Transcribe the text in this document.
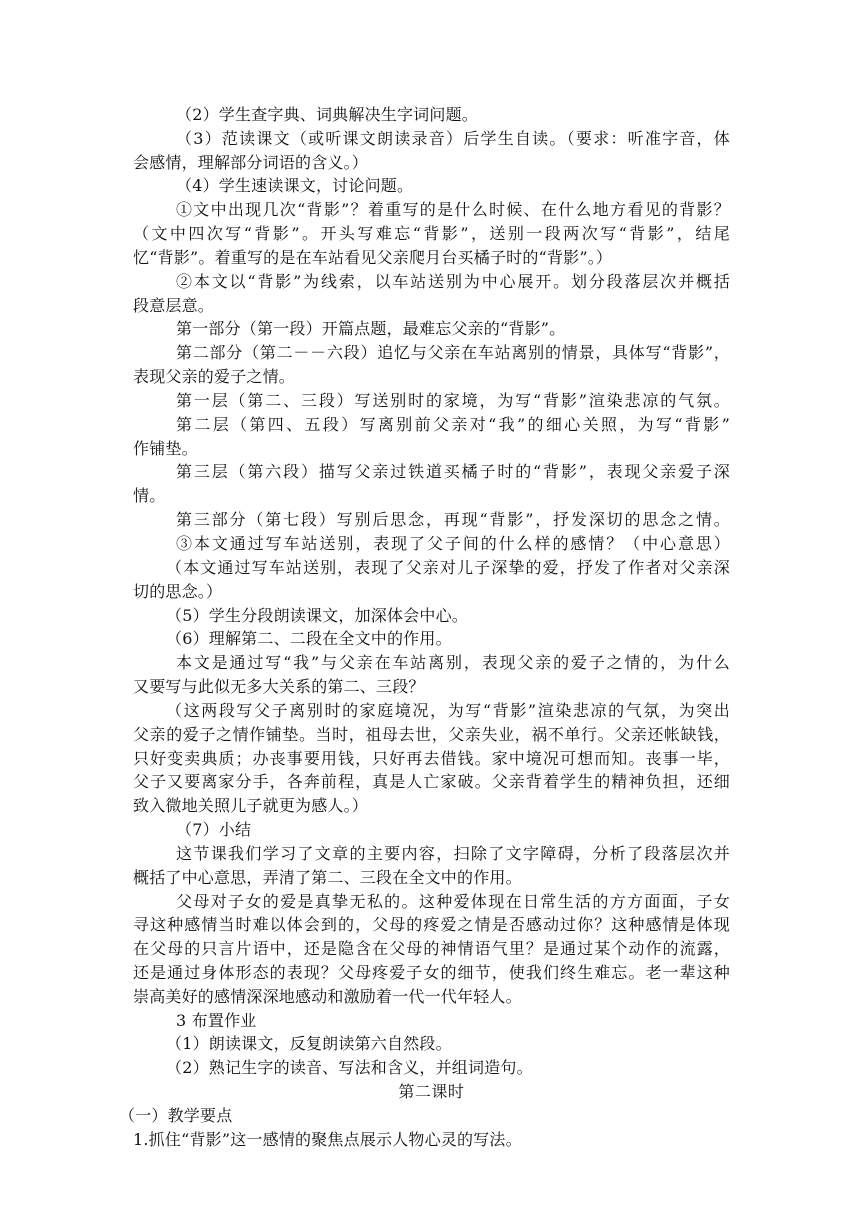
（2）学生查字典、词典解决生字词问题。
（3）范读课文（或听课文朗读录音）后学生自读。（要求：听准字音，体
会感情，理解部分词语的含义。）
（4）学生速读课文，讨论问题。
①文中出现几次“背影”？着重写的是什么时候、在什么地方看见的背影？
（文中四次写“背影”。开头写难忘“背影”，送别一段两次写“背影”，结尾
忆“背影”。着重写的是在车站看见父亲爬月台买橘子时的“背影”。）
②本文以“背影”为线索，以车站送别为中心展开。划分段落层次并概括
段意层意。
第一部分（第一段）开篇点题，最难忘父亲的“背影”。
第二部分（第二－－六段）追忆与父亲在车站离别的情景，具体写“背影”，
表现父亲的爱子之情。
第一层（第二、三段）写送别时的家境，为写“背影”渲染悲凉的气氛。
第二层（第四、五段）写离别前父亲对“我”的细心关照，为写“背影”
作铺垫。
第三层（第六段）描写父亲过铁道买橘子时的“背影”，表现父亲爱子深
情。
第三部分（第七段）写别后思念，再现“背影”，抒发深切的思念之情。
③本文通过写车站送别，表现了父子间的什么样的感情？（中心意思）
（本文通过写车站送别，表现了父亲对儿子深挚的爱，抒发了作者对父亲深
切的思念。）
（5）学生分段朗读课文，加深体会中心。
（6）理解第二、二段在全文中的作用。
本文是通过写“我”与父亲在车站离别，表现父亲的爱子之情的，为什么
又要写与此似无多大关系的第二、三段？
（这两段写父子离别时的家庭境况，为写“背影”渲染悲凉的气氛，为突出
父亲的爱子之情作铺垫。当时，祖母去世，父亲失业，祸不单行。父亲还帐缺钱，
只好变卖典质；办丧事要用钱，只好再去借钱。家中境况可想而知。丧事一毕，
父子又要离家分手，各奔前程，真是人亡家破。父亲背着学生的精神负担，还细
致入微地关照儿子就更为感人。）
（7）小结
这节课我们学习了文章的主要内容，扫除了文字障碍，分析了段落层次并
概括了中心意思，弄清了第二、三段在全文中的作用。
父母对子女的爱是真挚无私的。这种爱体现在日常生活的方方面面，子女
寻这种感情当时难以体会到的，父母的疼爱之情是否感动过你？这种感情是体现
在父母的只言片语中，还是隐含在父母的神情语气里？是通过某个动作的流露，
还是通过身体形态的表现？父母疼爱子女的细节，使我们终生难忘。老一辈这种
崇高美好的感情深深地感动和激励着一代一代年轻人。
3 布置作业
（1）朗读课文，反复朗读第六自然段。
（2）熟记生字的读音、写法和含义，并组词造句。
第 二 课 时
（一）教学要点
1.抓住“背影”这一感情的聚焦点展示人物心灵的写法。
